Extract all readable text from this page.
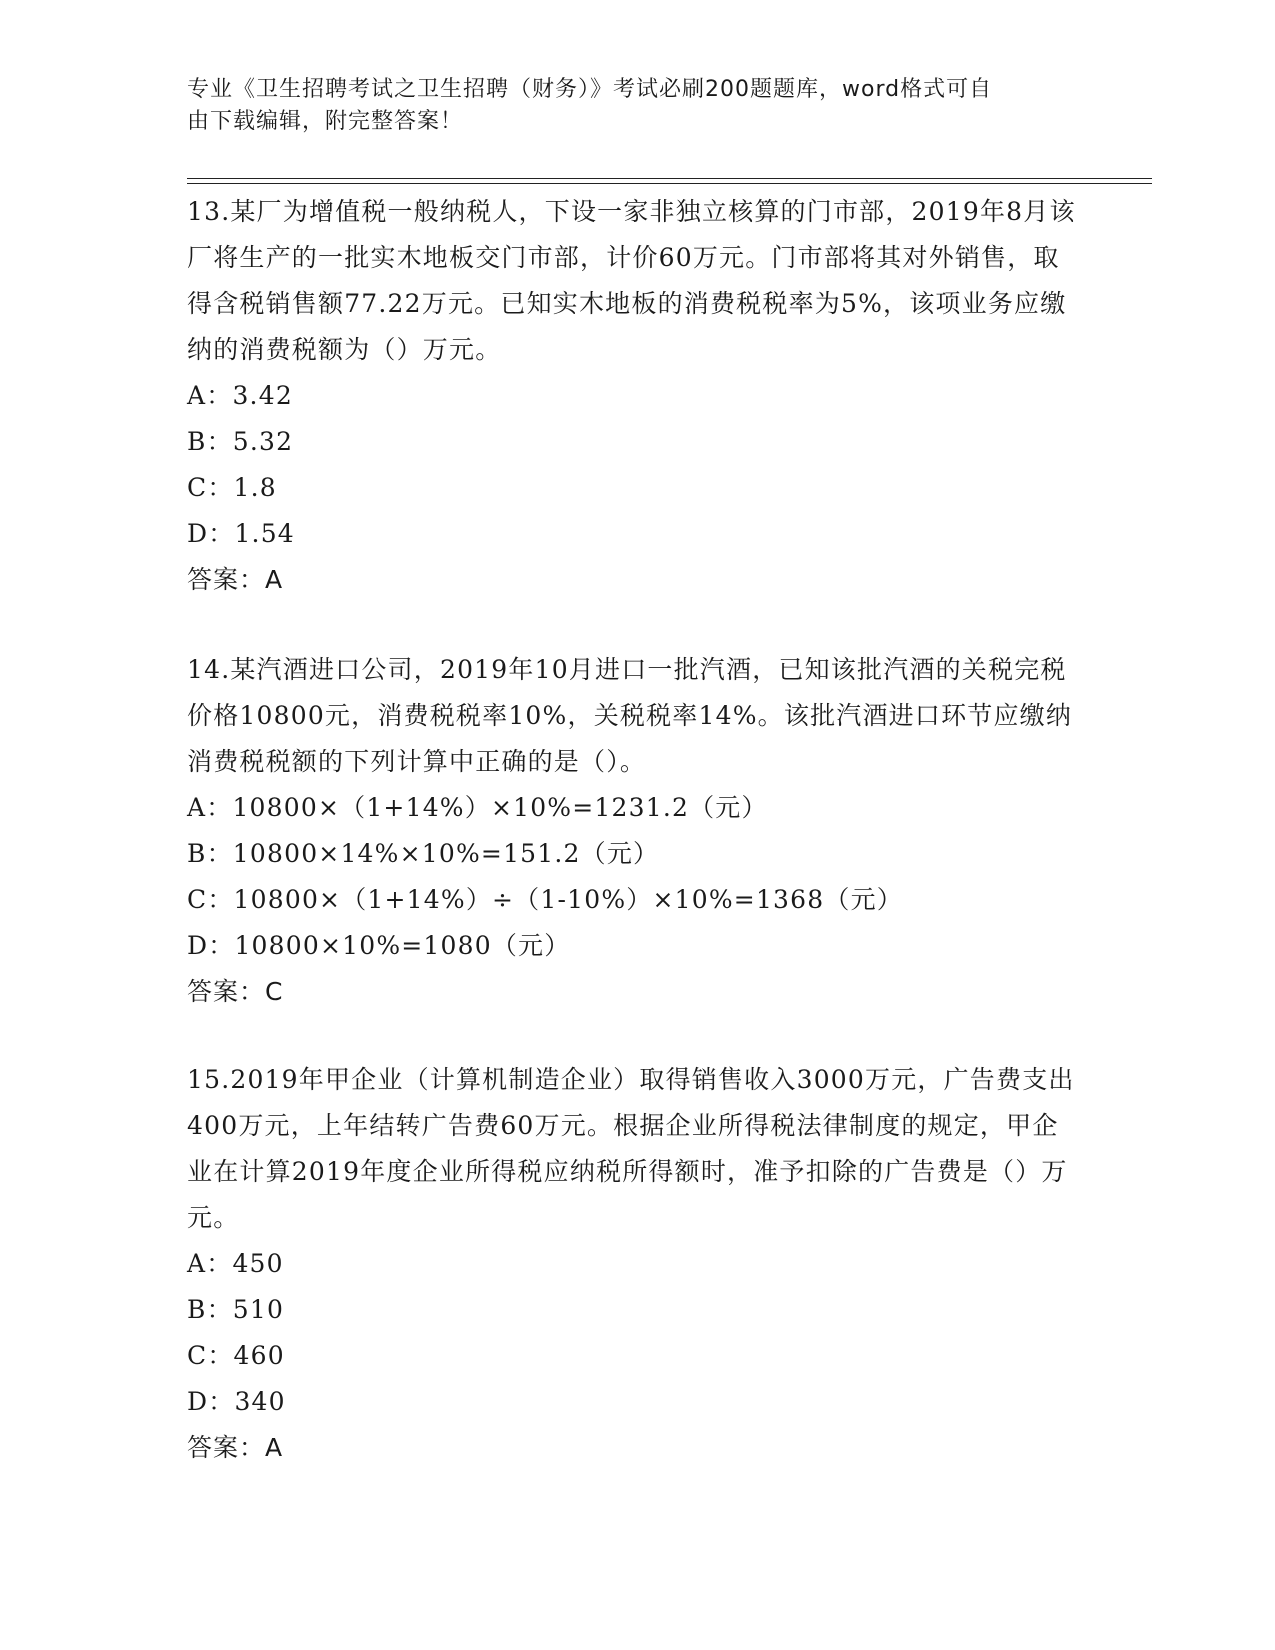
专业《卫生招聘考试之卫生招聘（财务）》考试必刷200题题库，word格式可自
由下载编辑，附完整答案！

13.某厂为增值税一般纳税人，下设一家非独立核算的门市部，2019年8月该厂将生产的一批实木地板交门市部，计价60万元。门市部将其对外销售，取得含税销售额77.22万元。已知实木地板的消费税税率为5%，该项业务应缴纳的消费税额为（）万元。

A：3.42

B：5.32

C：1.8

D：1.54

答案：A

14.某汽酒进口公司，2019年10月进口一批汽酒，已知该批汽酒的关税完税价格10800元，消费税税率10%，关税税率14%。该批汽酒进口环节应缴纳消费税税额的下列计算中正确的是（）。

A：10800×（1+14%）×10%=1231.2（元）

B：10800×14%×10%=151.2（元）

C：10800×（1+14%）÷（1-10%）×10%=1368（元）

D：10800×10%=1080（元）

答案：C

15.2019年甲企业（计算机制造企业）取得销售收入3000万元，广告费支出400万元，上年结转广告费60万元。根据企业所得税法律制度的规定，甲企业在计算2019年度企业所得税应纳税所得额时，准予扣除的广告费是（）万元。

A：450

B：510

C：460

D：340

答案：A
